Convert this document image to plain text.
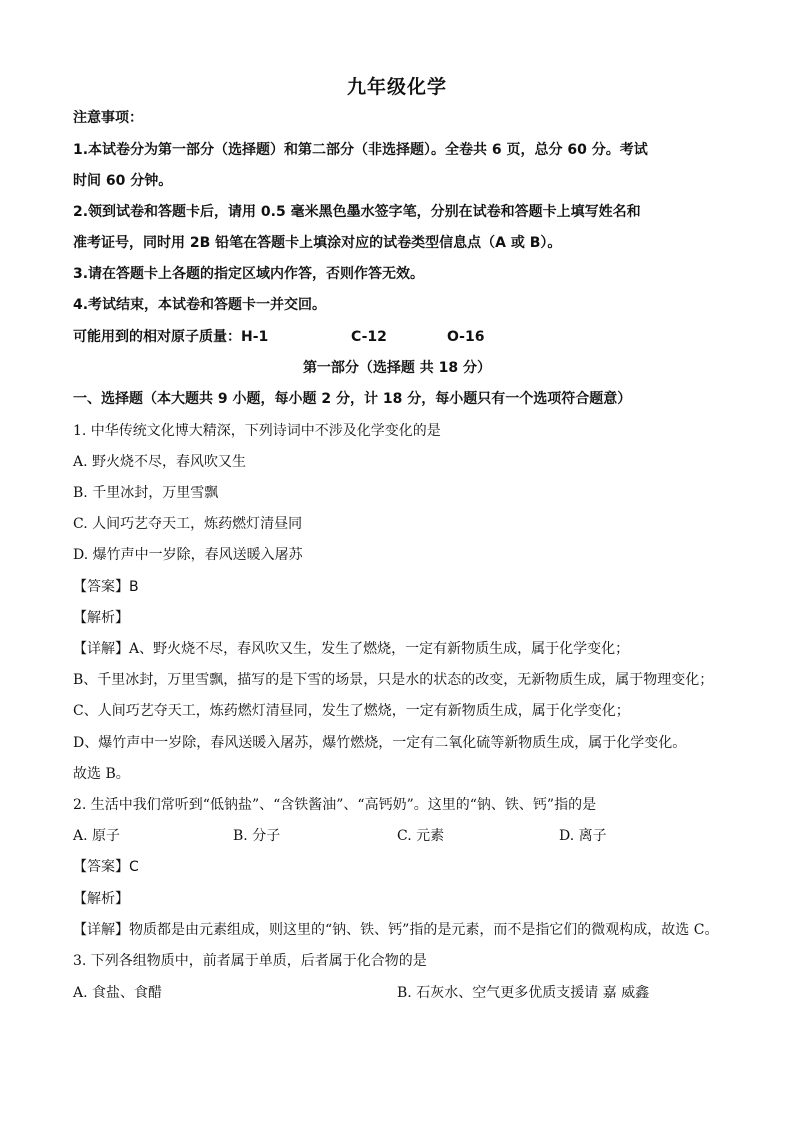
九年级化学
注意事项：
1.本试卷分为第一部分（选择题）和第二部分（非选择题）。全卷共 6 页，总分 60 分。考试
时间 60 分钟。
2.领到试卷和答题卡后，请用 0.5 毫米黑色墨水签字笔，分别在试卷和答题卡上填写姓名和
准考证号，同时用 2B 铅笔在答题卡上填涂对应的试卷类型信息点（A 或 B）。
3.请在答题卡上各题的指定区域内作答，否则作答无效。
4.考试结束，本试卷和答题卡一并交回。
可能用到的相对原子质量：H-1	C-12	O-16
第一部分（选择题 共 18 分）
一、选择题（本大题共 9 小题，每小题 2 分，计 18 分，每小题只有一个选项符合题意）
1. 中华传统文化博大精深，下列诗词中不涉及化学变化的是
A. 野火烧不尽，春风吹又生
B. 千里冰封，万里雪飘
C. 人间巧艺夺天工，炼药燃灯清昼同
D. 爆竹声中一岁除，春风送暖入屠苏
【答案】B
【解析】
【详解】A、野火烧不尽，春风吹又生，发生了燃烧，一定有新物质生成，属于化学变化；
B、千里冰封，万里雪飘，描写的是下雪的场景，只是水的状态的改变，无新物质生成，属于物理变化；
C、人间巧艺夺天工，炼药燃灯清昼同，发生了燃烧，一定有新物质生成，属于化学变化；
D、爆竹声中一岁除，春风送暖入屠苏，爆竹燃烧，一定有二氧化硫等新物质生成，属于化学变化。
故选 B。
2. 生活中我们常听到“低钠盐”、“含铁酱油”、“高钙奶”。这里的“钠、铁、钙”指的是
A. 原子	B. 分子	C. 元素	D. 离子
【答案】C
【解析】
【详解】物质都是由元素组成，则这里的“钠、铁、钙”指的是元素，而不是指它们的微观构成，故选 C。
3. 下列各组物质中，前者属于单质，后者属于化合物的是
A. 食盐、食醋	B. 石灰水、空气更多优质支援请 嘉 威鑫
